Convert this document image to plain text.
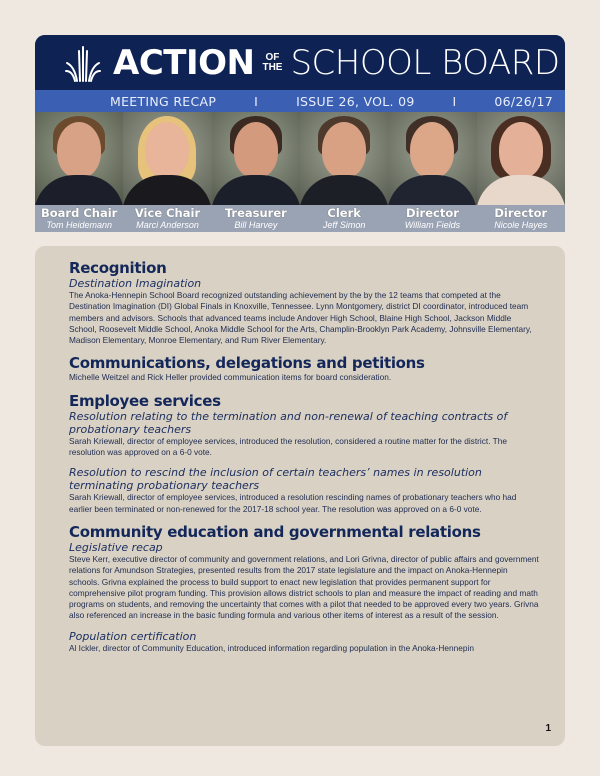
ACTION	OF
THE SCHOOL BOARD
MEETING RECAP	I	ISSUE 26, VOL. 09	I	06/26/17
Board Chair
Tom Heidemann
Vice Chair
Marci Anderson
Treasurer
Bill Harvey
Clerk
Jeff Simon
Director
William Fields
Director
Nicole Hayes
Recognition

Destination Imagination

The Anoka-Hennepin School Board recognized outstanding achievement by the by the 12 teams that competed at the Destination Imagination (DI) Global Finals in Knoxville, Tennessee. Lynn Montgomery, district DI coordinator, introduced team members and advisors. Schools that advanced teams include Andover High School, Blaine High School, Jackson Middle School, Roosevelt Middle School, Anoka Middle School for the Arts, Champlin-Brooklyn Park Academy, Johnsville Elementary, Madison Elementary, Monroe Elementary, and Rum River Elementary.

Communications, delegations and petitions

Michelle Weitzel and Rick Heller provided communication items for board consideration.

Employee services

Resolution relating to the termination and non-renewal of teaching contracts of probationary teachers

Sarah Kriewall, director of employee services, introduced the resolution, considered a routine matter for the district. The resolution was approved on a 6-0 vote.

Resolution to rescind the inclusion of certain teachers’ names in resolution terminating probationary teachers

Sarah Kriewall, director of employee services, introduced a resolution rescinding names of probationary teachers who had earlier been terminated or non-renewed for the 2017-18 school year. The resolution was approved on a 6-0 vote.

Community education and governmental relations

Legislative recap

Steve Kerr, executive director of community and government relations, and Lori Grivna, director of public affairs and government relations for Amundson Strategies, presented results from the 2017 state legislature and the impact on Anoka-Hennepin schools. Grivna explained the process to build support to enact new legislation that provides permanent support for comprehensive pilot program funding. This provision allows district schools to plan and measure the impact of reading and math programs on students, and removing the uncertainty that comes with a pilot that needed to be approved every two years. Grivna also referenced an increase in the basic funding formula and various other items of interest as a result of the session.

Population certification

Al Ickler, director of Community Education, introduced information regarding population in the Anoka-Hennepin

1
